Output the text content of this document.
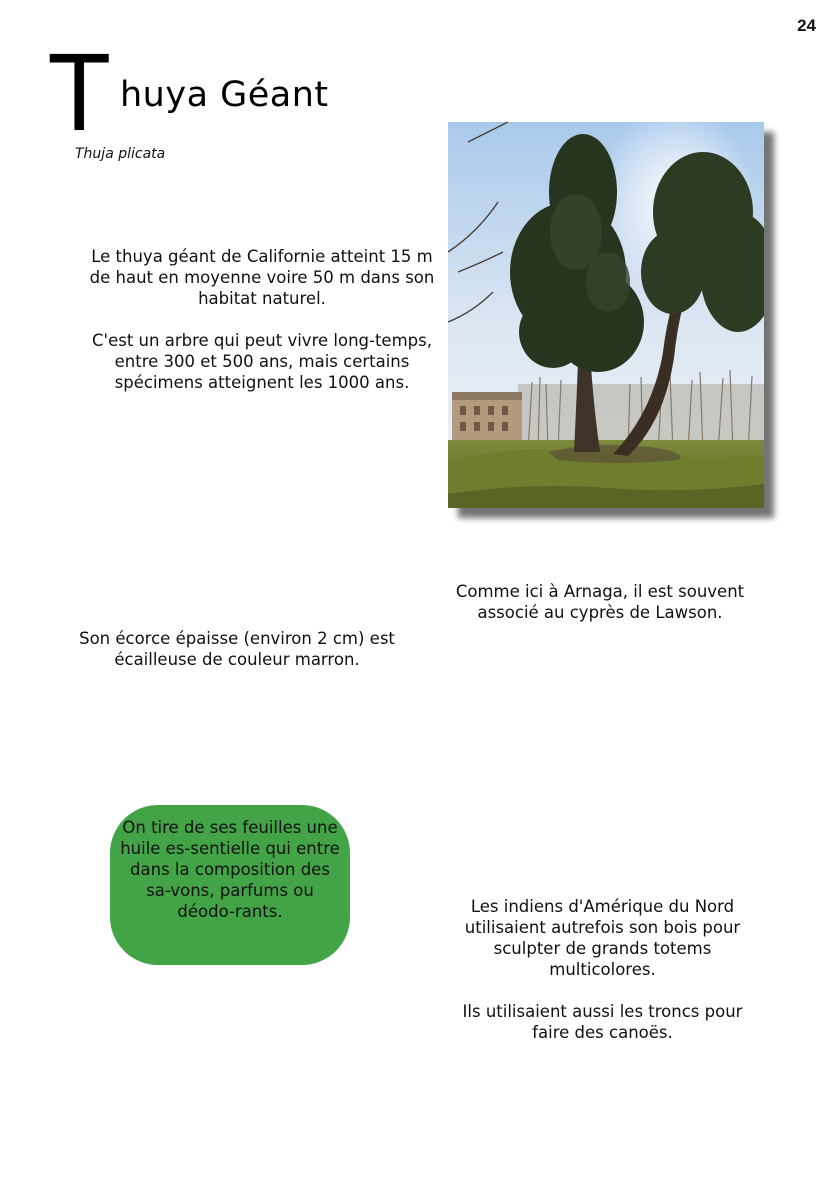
24
T huya Géant
Thuja plicata

Le thuya géant de Californie atteint 15 m de haut en moyenne voire 50 m dans son habitat naturel.

C'est un arbre qui peut vivre long-temps, entre 300 et 500 ans, mais certains spécimens atteignent les 1000 ans.

Comme ici à Arnaga, il est souvent associé au cyprès de Lawson.

Son écorce épaisse (environ 2 cm) est écailleuse de couleur marron.

On tire de ses feuilles une huile es-sentielle qui entre dans la composition des sa-vons, parfums ou déodo-rants.	Les indiens d'Amérique du Nord utilisaient autrefois son bois pour sculpter de grands totems multicolores.

Ils utilisaient aussi les troncs pour faire des canoës.
